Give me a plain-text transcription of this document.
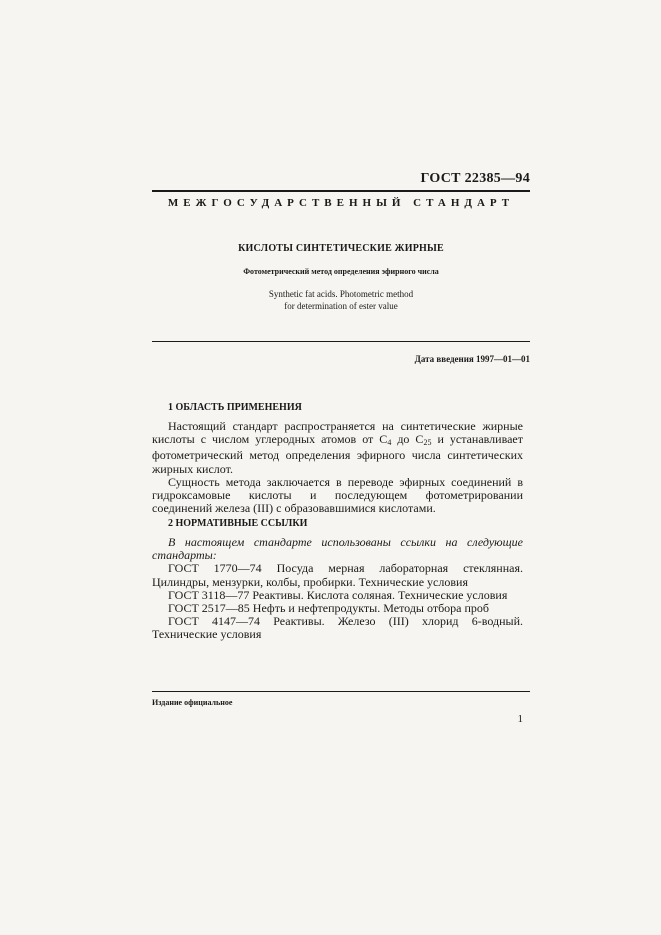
ГОСТ 22385—94
МЕЖГОСУДАРСТВЕННЫЙ СТАНДАРТ
КИСЛОТЫ СИНТЕТИЧЕСКИЕ ЖИРНЫЕ
Фотометрический метод определения эфирного числа
Synthetic fat acids. Photometric method
for determination of ester value
Дата введения 1997—01—01
1 ОБЛАСТЬ ПРИМЕНЕНИЯ

Настоящий стандарт распространяется на синтетические жирные кислоты с числом углеродных атомов от $C_4$ до $C_{25}$ и устанавливает фотометрический метод определения эфирного числа синтетических жирных кислот.

Сущность метода заключается в переводе эфирных соединений в гидроксамовые кислоты и последующем фотометрировании соединений железа (III) с образовавшимися кислотами.

2 НОРМАТИВНЫЕ ССЫЛКИ

В настоящем стандарте использованы ссылки на следующие стандарты:

ГОСТ 1770—74 Посуда мерная лабораторная стеклянная. Цилиндры, мензурки, колбы, пробирки. Технические условия

ГОСТ 3118—77 Реактивы. Кислота соляная. Технические условия

ГОСТ 2517—85 Нефть и нефтепродукты. Методы отбора проб

ГОСТ 4147—74 Реактивы. Железо (III) хлорид 6-водный. Технические условия

Издание официальное
1
